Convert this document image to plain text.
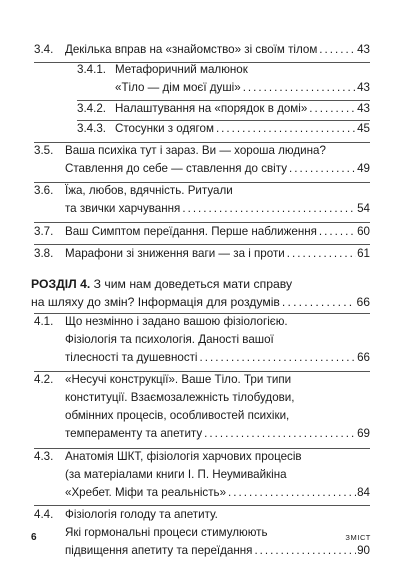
3.4. Декілька вправ на «знайомство» зі своїм тілом . . .	43
3.4.1. Метафоричний малюнок
«Тіло — дім моєї душі» . . .	43
3.4.2. Налаштування на «порядок в домі» . . .	43
3.4.3. Стосунки з одягом . . .	45
3.5. Ваша психіка тут і зараз. Ви — хороша людина?
Ставлення до себе — ставлення до світу . . .	49
3.6. Їжа, любов, вдячність. Ритуали
та звички харчування . . .	54
3.7. Ваш Симптом переїдання. Перше наближення . . .	60
3.8. Марафони зі зниження ваги — за і проти . . .	61
РОЗДІЛ 4.
З чим нам доведеться мати справу
на шляху до змін? Інформація для роздумів . . .	66
4.1. Що незмінно і задано вашою фізіологією.
Фізіологія та психологія. Даності вашої
тілесності та душевності . . .	66
4.2. «Несучі конструкції». Ваше Тіло. Три типи
конституції. Взаємозалежність тілобудови,
обмінних процесів, особливостей психіки,
темпераменту та апетиту . . .	69
4.3. Анатомія ШКТ, фізіологія харчових процесів
(за матеріалами книги І. П. Неумивайкіна
«Хребет. Міфи та реальність» . . .	84
4.4. Фізіологія голоду та апетиту.
Які гормональні процеси стимулюють
підвищення апетиту та переїдання . . .	90
6	ЗМІСТ
